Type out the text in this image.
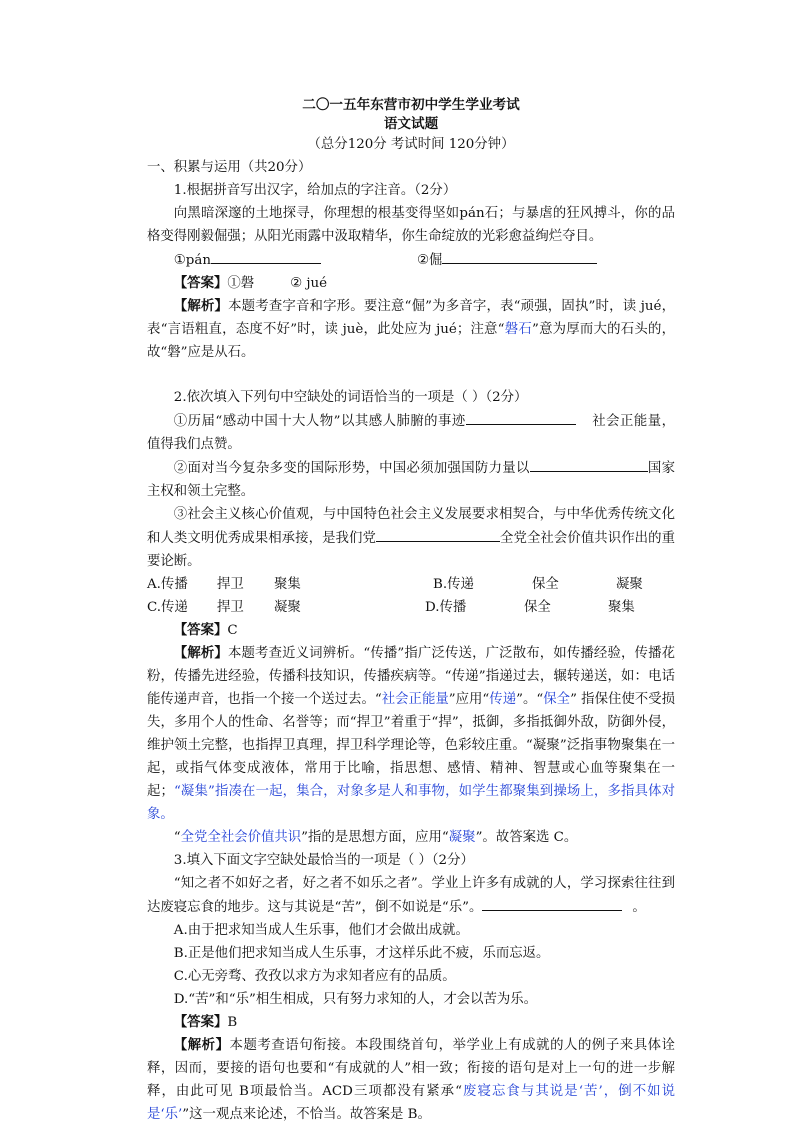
二〇一五年东营市初中学生学业考试
语文试题
（总分120分 考试时间 120分钟）

一、积累与运用（共20分）

1.根据拼音写出汉字，给加点的字注音。（2分）

向黑暗深邃的土地探寻，你理想的根基变得坚如pán石；与暴虐的狂风搏斗，你的品格变得刚毅倔强；从阳光雨露中汲取精华，你生命绽放的光彩愈益绚烂夺目。

①pán	②倔

【答案】①磐	② jué

【解析】本题考查字音和字形。要注意“倔”为多音字，表“顽强，固执”时，读 jué，表“言语粗直，态度不好”时，读 juè，此处应为 jué；注意“磐石”意为厚而大的石头的，故“磐”应是从石。

2.依次填入下列句中空缺处的词语恰当的一项是（ ）（2分）

①历届“感动中国十大人物”以其感人肺腑的事迹	社会正能量，值得我们点赞。

②面对当今复杂多变的国际形势，中国必须加强国防力量以	国家主权和领土完整。

③社会主义核心价值观，与中国特色社会主义发展要求相契合，与中华优秀传统文化和人类文明优秀成果相承接，是我们党	全党全社会价值共识作出的重要论断。

A.传播 捍卫 聚集	B.传递	保全	凝聚
C.传递 捍卫 凝聚	D.传播	保全	聚集

【答案】C

【解析】本题考查近义词辨析。“传播”指广泛传送，广泛散布，如传播经验，传播花粉，传播先进经验，传播科技知识，传播疾病等。“传递”指递过去，辗转递送，如：电话能传递声音，也指一个接一个送过去。“社会正能量”应用“传递”。“保全” 指保住使不受损失，多用个人的性命、名誉等；而“捍卫”着重于“捍”，抵御，多指抵御外敌，防御外侵，维护领土完整，也指捍卫真理，捍卫科学理论等，色彩较庄重。“凝聚”泛指事物聚集在一起，或指气体变成液体，常用于比喻，指思想、感情、精神、智慧或心血等聚集在一起；“凝集”指凑在一起，集合，对象多是人和事物，如学生都聚集到操场上，多指具体对象。

“全党全社会价值共识”指的是思想方面，应用“凝聚”。故答案选 C。

3.填入下面文字空缺处最恰当的一项是（ ）（2分）

“知之者不如好之者，好之者不如乐之者”。学业上许多有成就的人，学习探索往往到达废寝忘食的地步。这与其说是“苦”，倒不如说是“乐”。	。

A.由于把求知当成人生乐事，他们才会做出成就。

B.正是他们把求知当成人生乐事，才这样乐此不疲，乐而忘返。

C.心无旁骛、孜孜以求方为求知者应有的品质。

D.“苦”和“乐”相生相成，只有努力求知的人，才会以苦为乐。

【答案】B

【解析】本题考查语句衔接。本段围绕首句，举学业上有成就的人的例子来具体诠释，因而，要接的语句也要和“有成就的人”相一致；衔接的语句是对上一句的进一步解释，由此可见 B项最恰当。ACD三项都没有紧承“废寝忘食与其说是‘苦’，倒不如说是‘乐’”这一观点来论述，不恰当。故答案是 B。
